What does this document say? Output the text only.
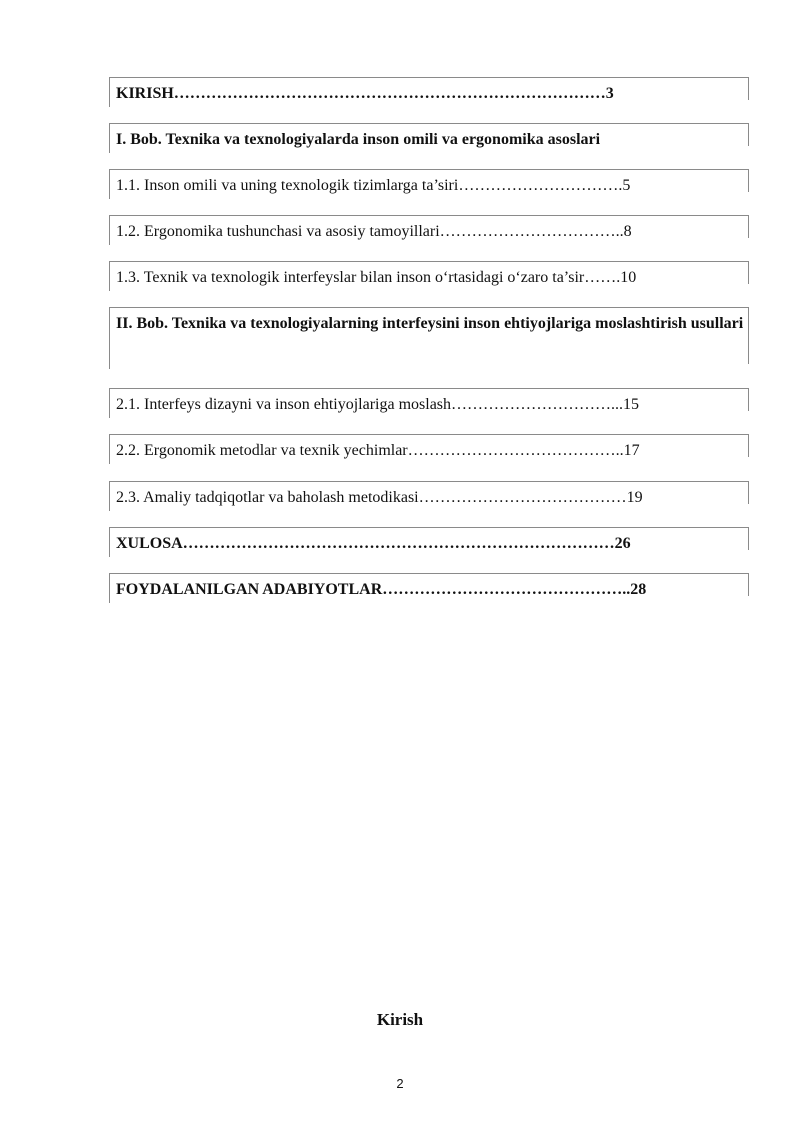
KIRISH………………………………………………………………………3
I. Bob. Texnika va texnologiyalarda inson omili va ergonomika asoslari
1.1. Inson omili va uning texnologik tizimlarga ta’siri………………………….5
1.2. Ergonomika tushunchasi va asosiy tamoyillari……………………………..8
1.3. Texnik va texnologik interfeyslar bilan inson o‘rtasidagi o‘zaro ta’sir…….10
II. Bob. Texnika va texnologiyalarning interfeysini inson ehtiyojlariga moslashtirish usullari
2.1. Interfeys dizayni va inson ehtiyojlariga moslash…………………………...15
2.2. Ergonomik metodlar va texnik yechimlar…………………………………..17
2.3. Amaliy tadqiqotlar va baholash metodikasi…………………………………19
XULOSA………………………………………………………………………26
FOYDALANILGAN ADABIYOTLAR………………………………………..28
Kirish
2
